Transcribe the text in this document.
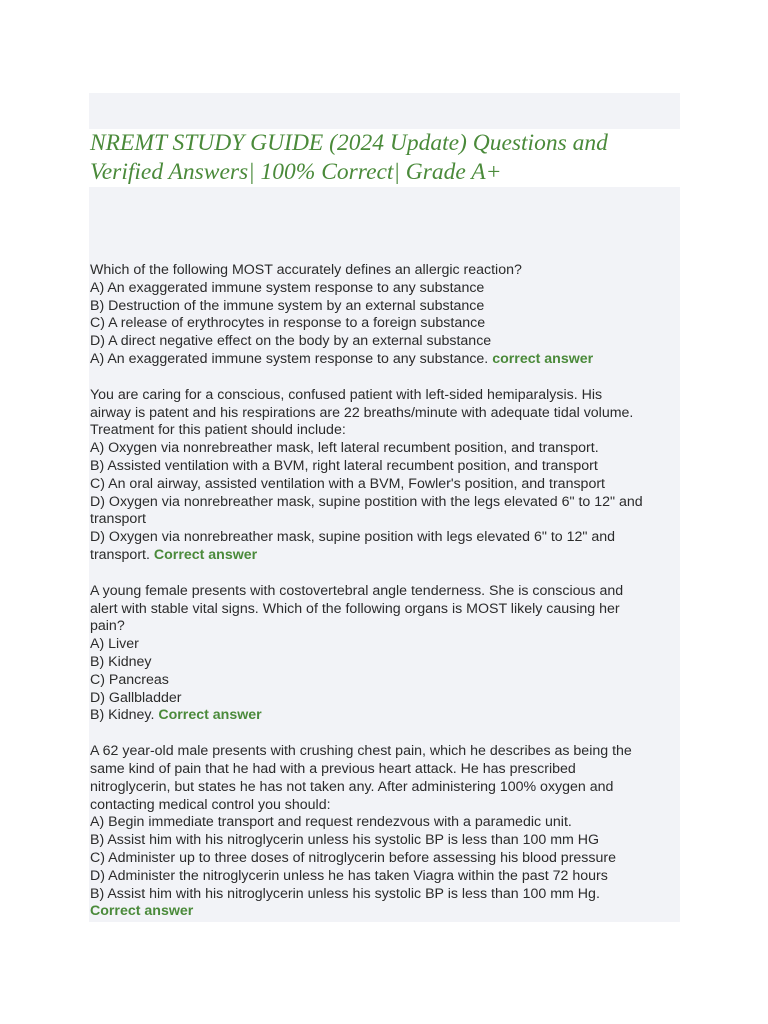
NREMT STUDY GUIDE (2024 Update) Questions and Verified Answers| 100% Correct| Grade A+
Which of the following MOST accurately defines an allergic reaction?
A) An exaggerated immune system response to any substance
B) Destruction of the immune system by an external substance
C) A release of erythrocytes in response to a foreign substance
D) A direct negative effect on the body by an external substance
A) An exaggerated immune system response to any substance. correct answer
You are caring for a conscious, confused patient with left-sided hemiparalysis. His
airway is patent and his respirations are 22 breaths/minute with adequate tidal volume.
Treatment for this patient should include:
A) Oxygen via nonrebreather mask, left lateral recumbent position, and transport.
B) Assisted ventilation with a BVM, right lateral recumbent position, and transport
C) An oral airway, assisted ventilation with a BVM, Fowler's position, and transport
D) Oxygen via nonrebreather mask, supine postition with the legs elevated 6" to 12" and
transport
D) Oxygen via nonrebreather mask, supine position with legs elevated 6" to 12" and
transport. Correct answer
A young female presents with costovertebral angle tenderness. She is conscious and
alert with stable vital signs. Which of the following organs is MOST likely causing her
pain?
A) Liver
B) Kidney
C) Pancreas
D) Gallbladder
B) Kidney. Correct answer
A 62 year-old male presents with crushing chest pain, which he describes as being the
same kind of pain that he had with a previous heart attack. He has prescribed
nitroglycerin, but states he has not taken any. After administering 100% oxygen and
contacting medical control you should:
A) Begin immediate transport and request rendezvous with a paramedic unit.
B) Assist him with his nitroglycerin unless his systolic BP is less than 100 mm HG
C) Administer up to three doses of nitroglycerin before assessing his blood pressure
D) Administer the nitroglycerin unless he has taken Viagra within the past 72 hours
B) Assist him with his nitroglycerin unless his systolic BP is less than 100 mm Hg.
Correct answer
